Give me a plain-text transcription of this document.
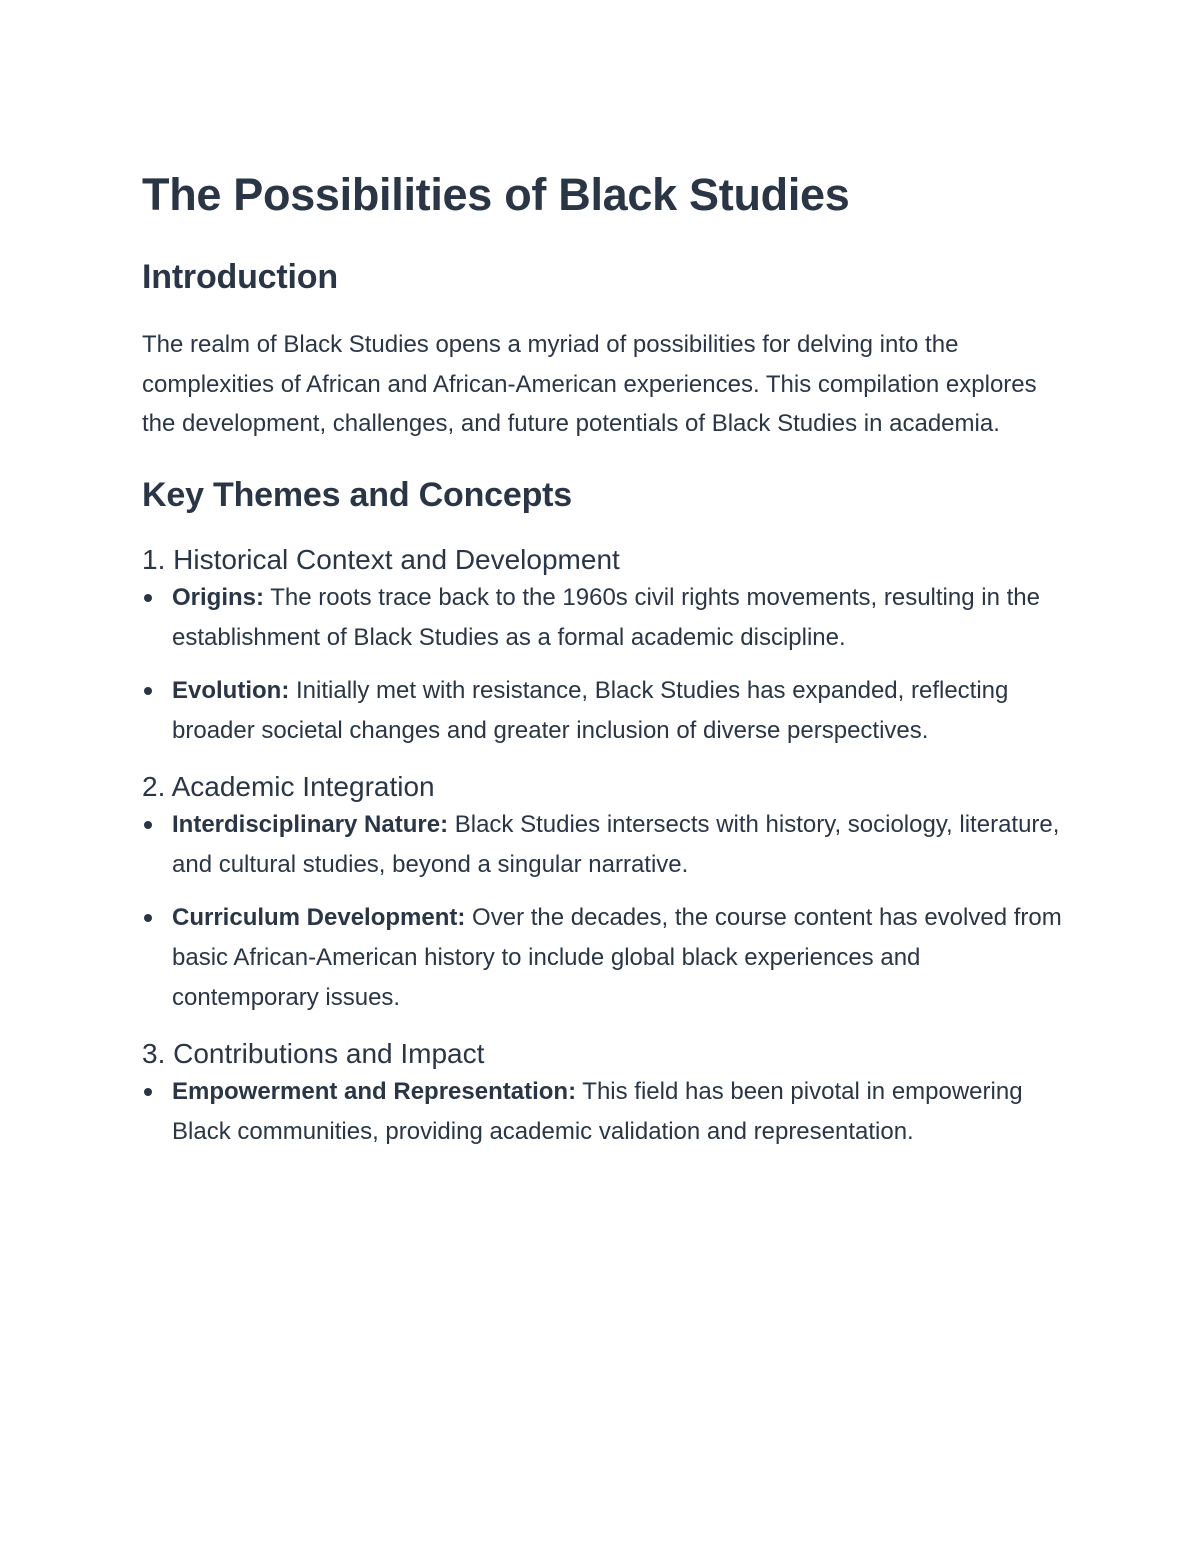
The Possibilities of Black Studies
Introduction

The realm of Black Studies opens a myriad of possibilities for delving into the complexities of African and African-American experiences. This compilation explores the development, challenges, and future potentials of Black Studies in academia.

Key Themes and Concepts
1. Historical Context and Development
Origins: The roots trace back to the 1960s civil rights movements, resulting in the establishment of Black Studies as a formal academic discipline.
Evolution: Initially met with resistance, Black Studies has expanded, reflecting broader societal changes and greater inclusion of diverse perspectives.
2. Academic Integration
Interdisciplinary Nature: Black Studies intersects with history, sociology, literature, and cultural studies, beyond a singular narrative.
Curriculum Development: Over the decades, the course content has evolved from basic African-American history to include global black experiences and contemporary issues.
3. Contributions and Impact
Empowerment and Representation: This field has been pivotal in empowering Black communities, providing academic validation and representation.
